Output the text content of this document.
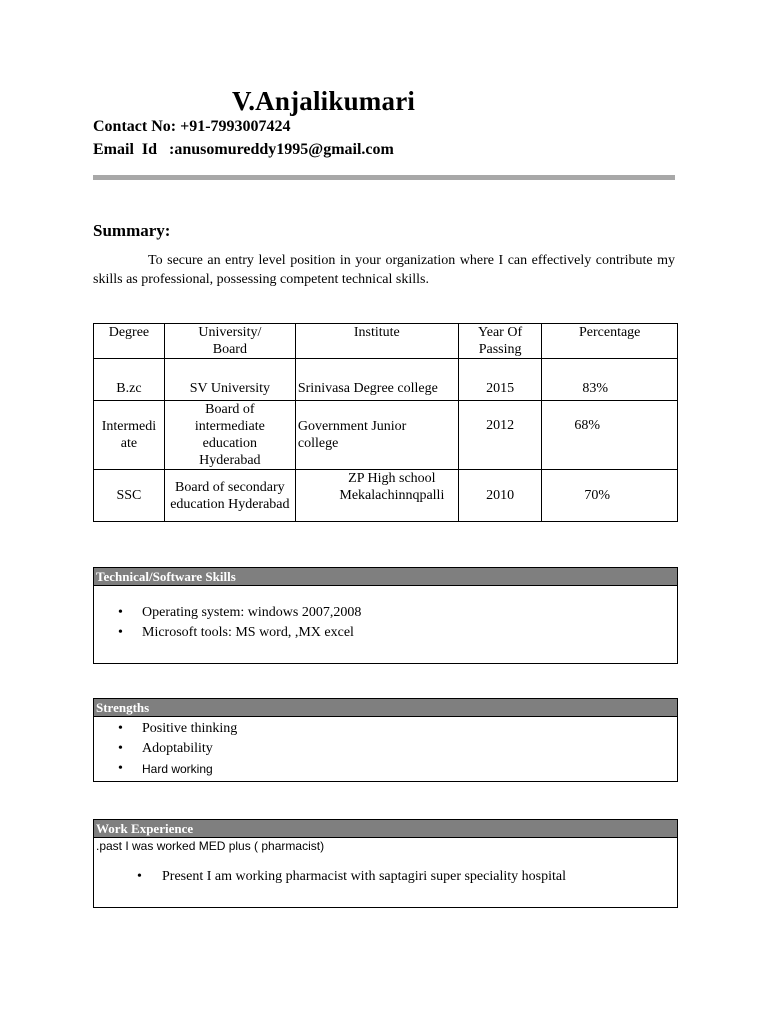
V.Anjalikumari
Contact No: +91-7993007424
Email  Id   :anusomureddy1995@gmail.com
Summary:
To secure an entry level position in your organization where I can effectively contribute my skills as professional, possessing competent technical skills.
Degree	University/ Board	Institute	Year Of Passing	Percentage
B.zc	SV University	Srinivasa Degree college	2015	83%
Intermediate	Board of intermediate education Hyderabad	Government Junior college	2012	68%
SSC	Board of secondary education Hyderabad	ZP High school Mekalachinnqpalli	2010	70%
Technical/Software Skills
• Operating system: windows 2007,2008
• Microsoft tools: MS word, ,MX excel
Strengths
• Positive thinking
• Adoptability
• Hard working
Work Experience
.past I was worked MED plus ( pharmacist)
• Present I am working pharmacist with saptagiri super speciality hospital
